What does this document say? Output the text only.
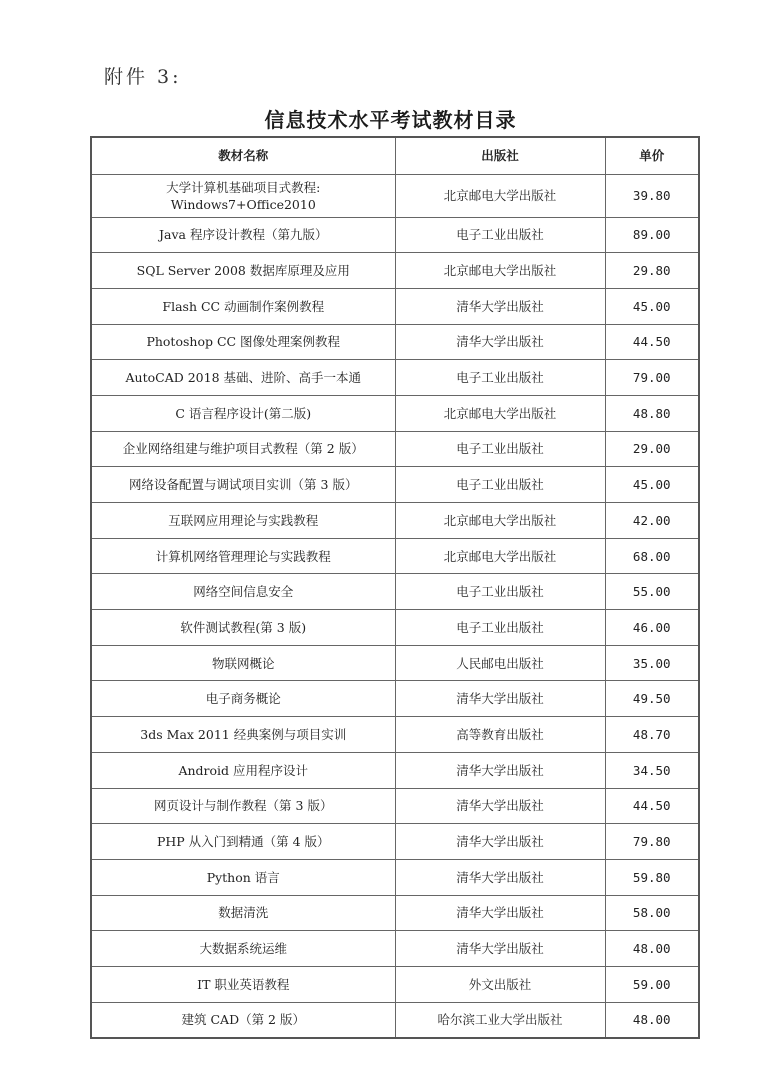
附件 3:
信息技术水平考试教材目录
教材名称	出版社	单价

大学计算机基础项目式教程:
Windows7+Office2010	北京邮电大学出版社	39.80
Java 程序设计教程（第九版）	电子工业出版社	89.00
SQL Server 2008 数据库原理及应用	北京邮电大学出版社	29.80
Flash CC 动画制作案例教程	清华大学出版社	45.00
Photoshop CC 图像处理案例教程	清华大学出版社	44.50
AutoCAD 2018 基础、进阶、高手一本通	电子工业出版社	79.00
C 语言程序设计(第二版)	北京邮电大学出版社	48.80
企业网络组建与维护项目式教程（第 2 版）	电子工业出版社	29.00
网络设备配置与调试项目实训（第 3 版）	电子工业出版社	45.00
互联网应用理论与实践教程	北京邮电大学出版社	42.00
计算机网络管理理论与实践教程	北京邮电大学出版社	68.00
网络空间信息安全	电子工业出版社	55.00
软件测试教程(第 3 版)	电子工业出版社	46.00
物联网概论	人民邮电出版社	35.00
电子商务概论	清华大学出版社	49.50
3ds Max 2011 经典案例与项目实训	高等教育出版社	48.70
Android 应用程序设计	清华大学出版社	34.50
网页设计与制作教程（第 3 版）	清华大学出版社	44.50
PHP 从入门到精通（第 4 版）	清华大学出版社	79.80
Python 语言	清华大学出版社	59.80
数据清洗	清华大学出版社	58.00
大数据系统运维	清华大学出版社	48.00
IT 职业英语教程	外文出版社	59.00
建筑 CAD（第 2 版）	哈尔滨工业大学出版社	48.00
